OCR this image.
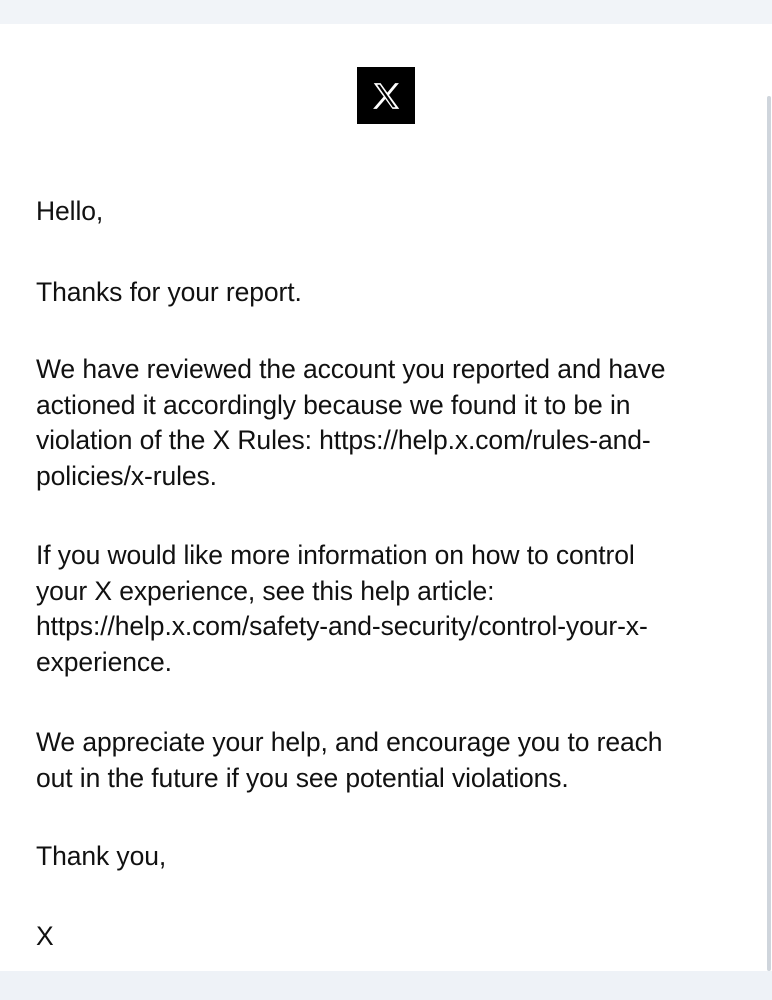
Hello,

Thanks for your report.

We have reviewed the account you reported and have
actioned it accordingly because we found it to be in
violation of the X Rules: https://help.x.com/rules-and-
policies/x-rules.

If you would like more information on how to control
your X experience, see this help article:
https://help.x.com/safety-and-security/control-your-x-
experience.

We appreciate your help, and encourage you to reach
out in the future if you see potential violations.

Thank you,

X
